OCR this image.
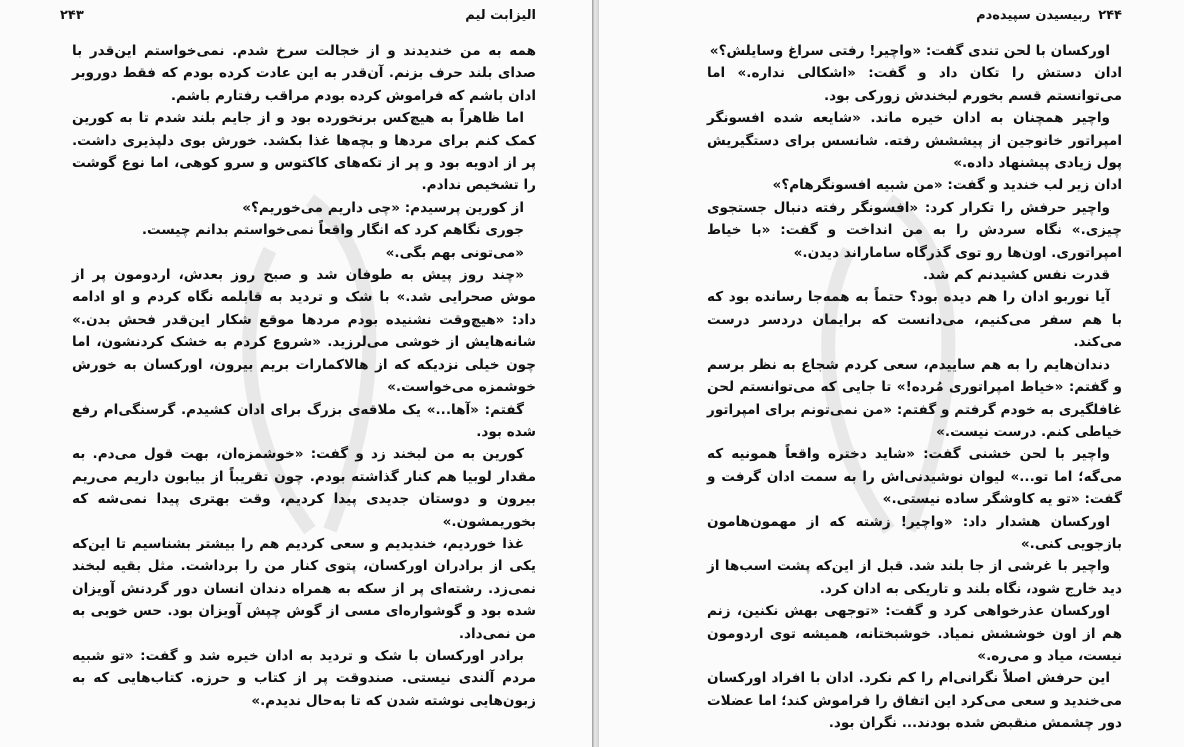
الیزابت لیم
۲۴۳

همه به من خندیدند و از خجالت سرخ شدم. نمی‌خواستم این‌قدر با صدای بلند حرف بزنم. آن‌قدر به این عادت کرده بودم که فقط دوروبر ادان باشم که فراموش کرده بودم مراقب رفتارم باشم.

اما ظاهراً به هیچ‌کس برنخورده بود و از جایم بلند شدم تا به کورین کمک کنم برای مردها و بچه‌ها غذا بکشد. خورش بوی دلپذیری داشت. پر از ادویه بود و پر از تکه‌های کاکتوس و سرو کوهی، اما نوع گوشت را تشخیص ندادم.

از کورین پرسیدم: «چی داریم می‌خوریم؟»

جوری نگاهم کرد که انگار واقعاً نمی‌خواستم بدانم چیست.

«می‌تونی بهم بگی.»

«چند روز پیش به طوفان شد و صبح روز بعدش، اردومون پر از موش صحرایی شد.» با شک و تردید به قابلمه نگاه کردم و او ادامه داد: «هیچ‌وقت نشنیده بودم مردها موقع شکار این‌قدر فحش بدن.» شانه‌هایش از خوشی می‌لرزید. «شروع کردم به خشک کردنشون، اما چون خیلی نزدیکه که از هالاکمارات بریم بیرون، اورکسان به خورش خوشمزه می‌خواست.»

گفتم: «آها...» یک ملاقه‌ی بزرگ برای ادان کشیدم. گرسنگی‌ام رفع شده بود.

کورین به من لبخند زد و گفت: «خوشمزه‌ان، بهت قول می‌دم. به مقدار لوبیا هم کنار گذاشته بودم. چون تقریباً از بیابون داریم می‌ریم بیرون و دوستان جدیدی پیدا کردیم، وقت بهتری پیدا نمی‌شه که بخوریمشون.»

غذا خوردیم، خندیدیم و سعی کردیم هم را بیشتر بشناسیم تا این‌که یکی از برادران اورکسان، پتوی کنار من را برداشت. مثل بقیه لبخند نمی‌زد. رشته‌ای پر از سکه به همراه دندان انسان دور گردنش آویزان شده بود و گوشواره‌ای مسی از گوش چپش آویزان بود. حس خوبی به من نمی‌داد.

برادر اورکسان با شک و تردید به ادان خیره شد و گفت: «تو شبیه مردم آلندی نیستی. صندوقت پر از کتاب و حرزه. کتاب‌هایی که به زبون‌هایی نوشته شدن که تا به‌حال ندیدم.»

۲۴۴
ربیسیدن سپیده‌دم

اورکسان با لحن تندی گفت: «واچیر! رفتی سراغ وسایلش؟»

ادان دستش را تکان داد و گفت: «اشکالی نداره.» اما می‌توانستم قسم بخورم لبخندش زورکی بود.

واچیر همچنان به ادان خیره ماند. «شایعه شده افسونگر امپراتور خانوجین از پیششش رفته. شانسس برای دستگیریش پول زیادی پیشنهاد داده.»

ادان زیر لب خندید و گفت: «من شبیه افسونگرهام؟»

واچیر حرفش را تکرار کرد: «افسونگر رفته دنبال جستجوی چیزی.» نگاه سردش را به من انداخت و گفت: «با خیاط امپراتوری. اون‌ها رو توی گذرگاه ساماراند دیدن.»

قدرت نفس کشیدنم کم شد.

آیا نوربو ادان را هم دیده بود؟ حتماً به همه‌جا رسانده بود که با هم سفر می‌کنیم، می‌دانست که برایمان دردسر درست می‌کند.

دندان‌هایم را به هم ساییدم، سعی کردم شجاع به نظر برسم و گفتم: «خیاط امپراتوری مُرده!» تا جایی که می‌توانستم لحن غافلگیری به خودم گرفتم و گفتم: «من نمی‌تونم برای امپراتور خیاطی کنم. درست نیست.»

واچیر با لحن خشنی گفت: «شاید دختره واقعاً همونیه که می‌گه؛ اما تو...» لیوان نوشیدنی‌اش را به سمت ادان گرفت و گفت: «تو یه کاوشگر ساده نیستی.»

اورکسان هشدار داد: «واچیر! زشته که از مهمون‌هامون بازجویی کنی.»

واچیر با غرشی از جا بلند شد. قبل از این‌که پشت اسب‌ها از دید خارج شود، نگاه بلند و تاریکی به ادان کرد.

اورکسان عذرخواهی کرد و گفت: «توجهی بهش نکنین، زنم هم از اون خوششش نمیاد. خوشبختانه، همیشه توی اردومون نیست، میاد و می‌ره.»

این حرفش اصلاً نگرانی‌ام را کم نکرد. ادان با افراد اورکسان می‌خندید و سعی می‌کرد این اتفاق را فراموش کند؛ اما عضلات دور چشمش منقبض شده بودند... نگران بود.
